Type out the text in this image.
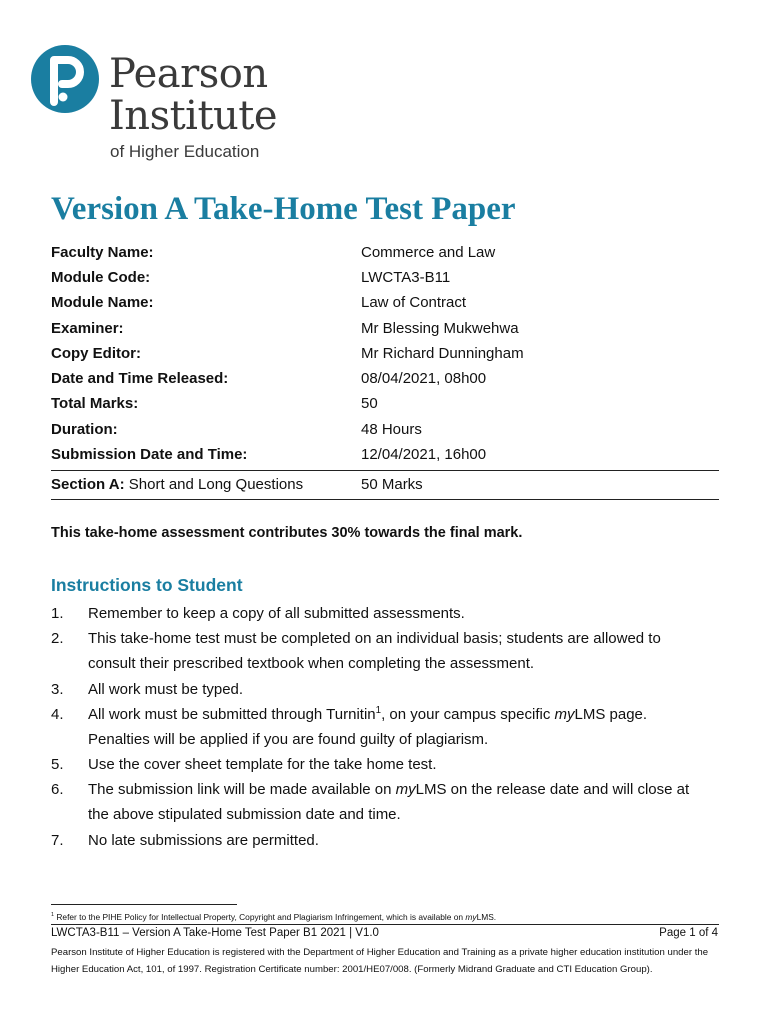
Pearson
Institute
of Higher Education
Version A Take-Home Test Paper
Faculty Name:	Commerce and Law
Module Code:	LWCTA3-B11
Module Name:	Law of Contract
Examiner:	Mr Blessing Mukwehwa
Copy Editor:	Mr Richard Dunningham
Date and Time Released:	08/04/2021, 08h00
Total Marks:	50
Duration:	48 Hours
Submission Date and Time:	12/04/2021, 16h00
Section A: Short and Long Questions	50 Marks
This take-home assessment contributes 30% towards the final mark.
Instructions to Student
1. Remember to keep a copy of all submitted assessments.
2. This take-home test must be completed on an individual basis; students are allowed to
consult their prescribed textbook when completing the assessment.
3. All work must be typed.
4. All work must be submitted through Turnitin$^1$, on your campus specific myLMS page.
Penalties will be applied if you are found guilty of plagiarism.
5. Use the cover sheet template for the take home test.
6. The submission link will be made available on myLMS on the release date and will close at
the above stipulated submission date and time.
7. No late submissions are permitted.
$^1$ Refer to the PIHE Policy for Intellectual Property, Copyright and Plagiarism Infringement, which is available on myLMS.
LWCTA3-B11 – Version A Take-Home Test Paper B1 2021 | V1.0	Page 1 of 4
Pearson Institute of Higher Education is registered with the Department of Higher Education and Training as a private higher education institution under the Higher Education Act, 101, of 1997. Registration Certificate number: 2001/HE07/008. (Formerly Midrand Graduate and CTI Education Group).
